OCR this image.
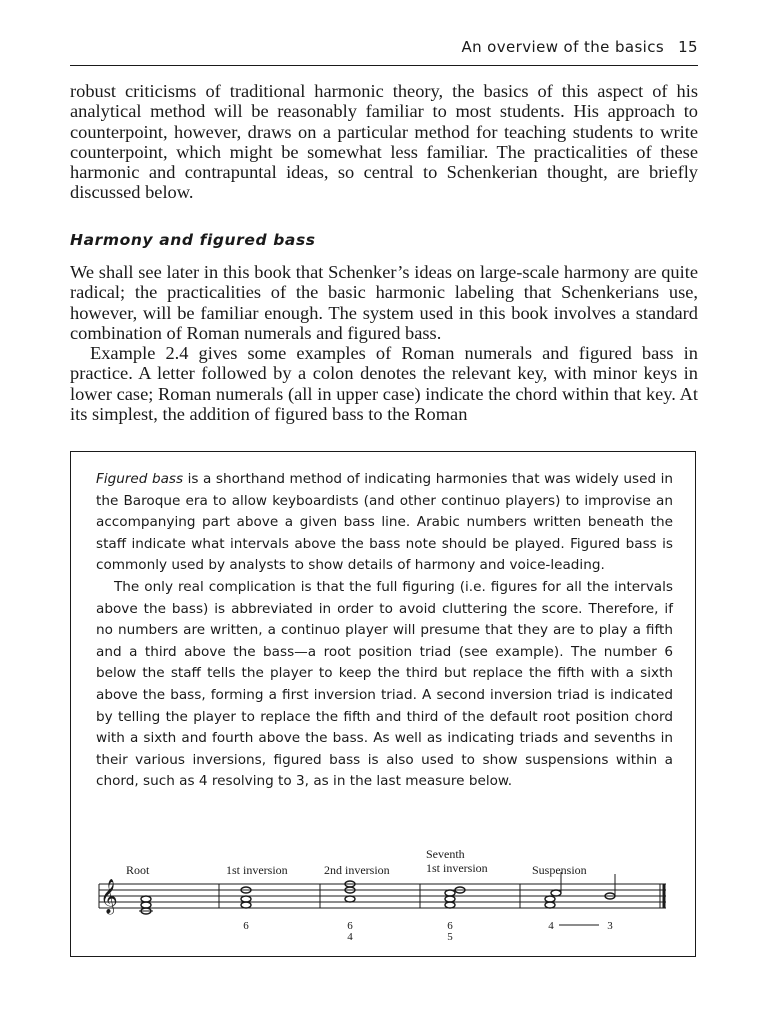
An overview of the basics 15

robust criticisms of traditional harmonic theory, the basics of this aspect of his analytical method will be reasonably familiar to most students. His approach to counterpoint, however, draws on a particular method for teaching students to write counterpoint, which might be somewhat less familiar. The practicalities of these harmonic and contrapuntal ideas, so central to Schenkerian thought, are briefly discussed below.

Harmony and figured bass

We shall see later in this book that Schenker’s ideas on large-scale harmony are quite radical; the practicalities of the basic harmonic labeling that Schenkerians use, however, will be familiar enough. The system used in this book involves a standard combination of Roman numerals and figured bass.

Example 2.4 gives some examples of Roman numerals and figured bass in practice. A letter followed by a colon denotes the relevant key, with minor keys in lower case; Roman numerals (all in upper case) indicate the chord within that key. At its simplest, the addition of figured bass to the Roman

Figured bass is a shorthand method of indicating harmonies that was widely used in the Baroque era to allow keyboardists (and other continuo players) to improvise an accompanying part above a given bass line. Arabic numbers written beneath the staff indicate what intervals above the bass note should be played. Figured bass is commonly used by analysts to show details of harmony and voice-leading.

The only real complication is that the full figuring (i.e. figures for all the intervals above the bass) is abbreviated in order to avoid cluttering the score. Therefore, if no numbers are written, a continuo player will presume that they are to play a fifth and a third above the bass—a root position triad (see example). The number 6 below the staff tells the player to keep the third but replace the fifth with a sixth above the bass, forming a first inversion triad. A second inversion triad is indicated by telling the player to replace the fifth and third of the default root position chord with a sixth and fourth above the bass. As well as indicating triads and sevenths in their various inversions, figured bass is also used to show suspensions within a chord, such as 4 resolving to 3, as in the last measure below.

Root	1st inversion	2nd inversion
Seventh
1st inversion	Suspension
𝄞
6	6
4
6
5
4	3
